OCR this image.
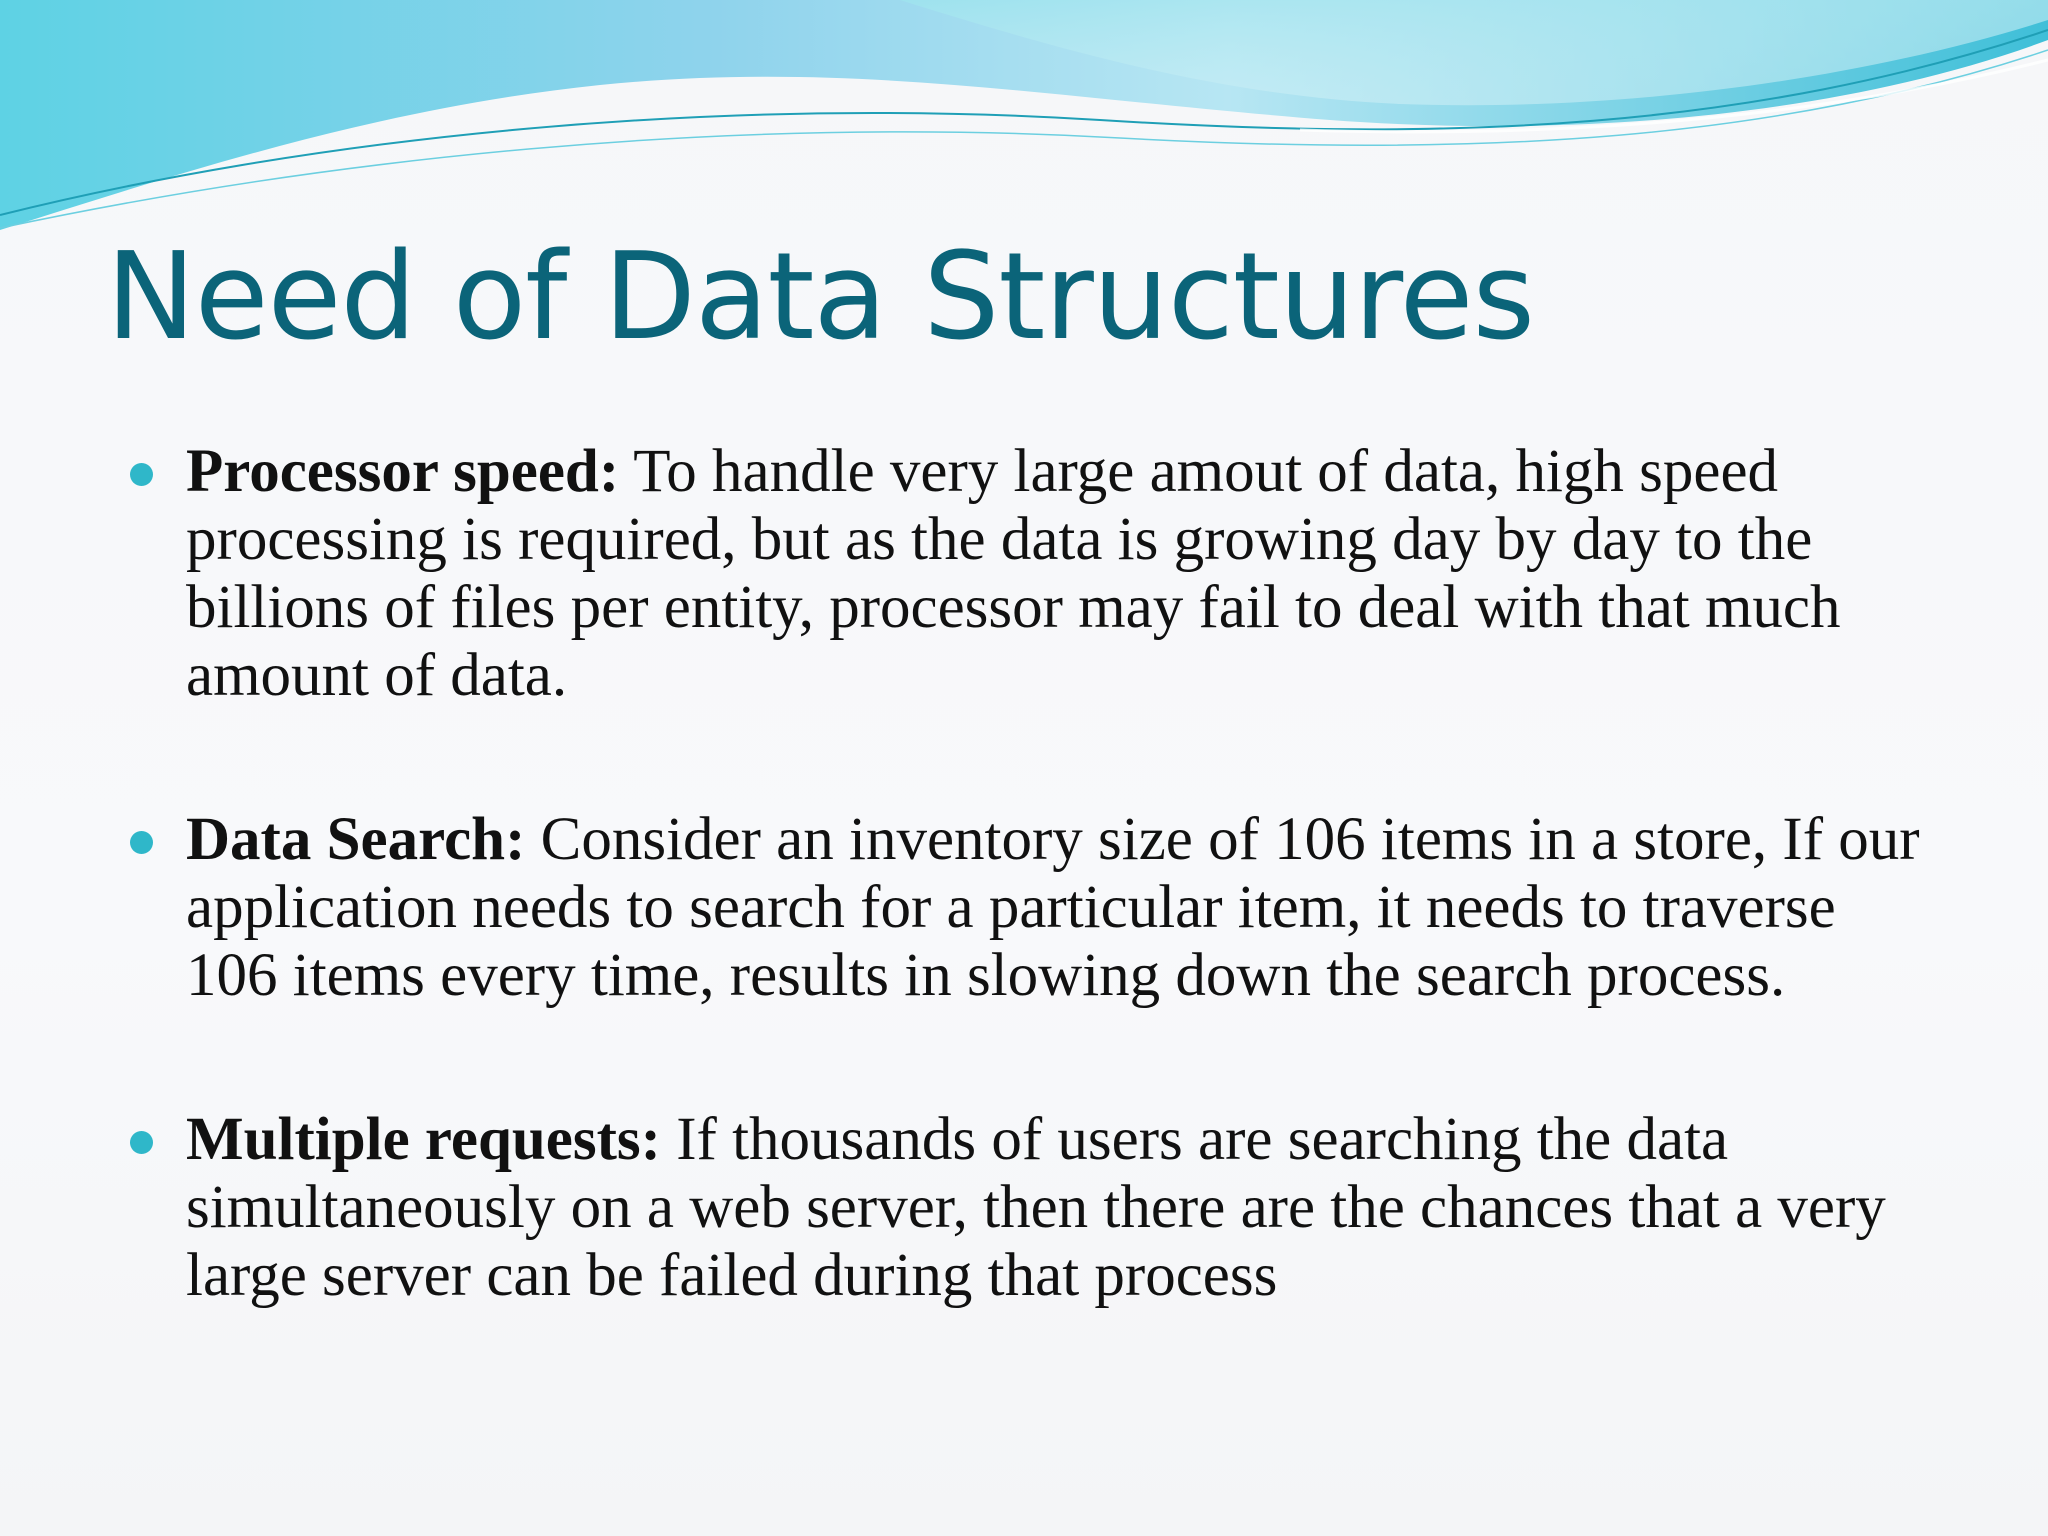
Need of Data Structures
Processor speed: To handle very large amout of data, high speed processing is required, but as the data is growing day by day to the billions of files per entity, processor may fail to deal with that much amount of data.
Data Search: Consider an inventory size of 106 items in a store, If our application needs to search for a particular item, it needs to traverse 106 items every time, results in slowing down the search process.
Multiple requests: If thousands of users are searching the data simultaneously on a web server, then there are the chances that a very large server can be failed during that process
